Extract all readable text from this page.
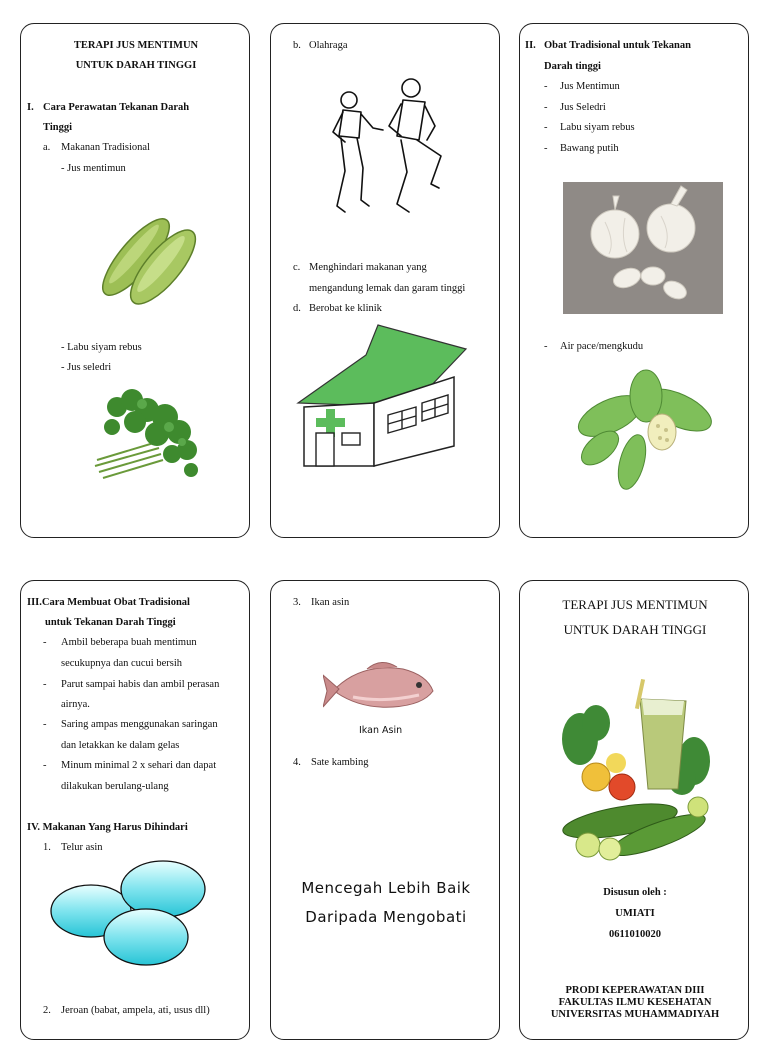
TERAPI JUS MENTIMUN
UNTUK DARAH TINGGI
I. Cara Perawatan Tekanan Darah
Tinggi
a. Makanan Tradisional
- Jus mentimun
- Labu siyam rebus
- Jus seledri
b. Olahraga
c. Menghindari makanan yang
mengandung lemak dan garam tinggi
d. Berobat ke klinik
II. Obat Tradisional untuk Tekanan
Darah tinggi
- Jus Mentimun
- Jus Seledri
- Labu siyam rebus
- Bawang putih
- Air pace/mengkudu
III.Cara Membuat Obat Tradisional
untuk Tekanan Darah Tinggi
- Ambil beberapa buah mentimun
secukupnya dan cucui bersih
- Parut sampai habis dan ambil perasan
airnya.
- Saring ampas menggunakan saringan
dan letakkan ke dalam gelas
- Minum minimal 2 x sehari dan dapat
dilakukan berulang-ulang
IV. Makanan Yang Harus Dihindari
1. Telur asin
2. Jeroan (babat, ampela, ati, usus dll)
3. Ikan asin
Ikan Asin
4. Sate kambing
Mencegah Lebih Baik
Daripada Mengobati
TERAPI JUS MENTIMUN
UNTUK DARAH TINGGI
Disusun oleh :
UMIATI
0611010020
PRODI KEPERAWATAN DIII
FAKULTAS ILMU KESEHATAN
UNIVERSITAS MUHAMMADIYAH
